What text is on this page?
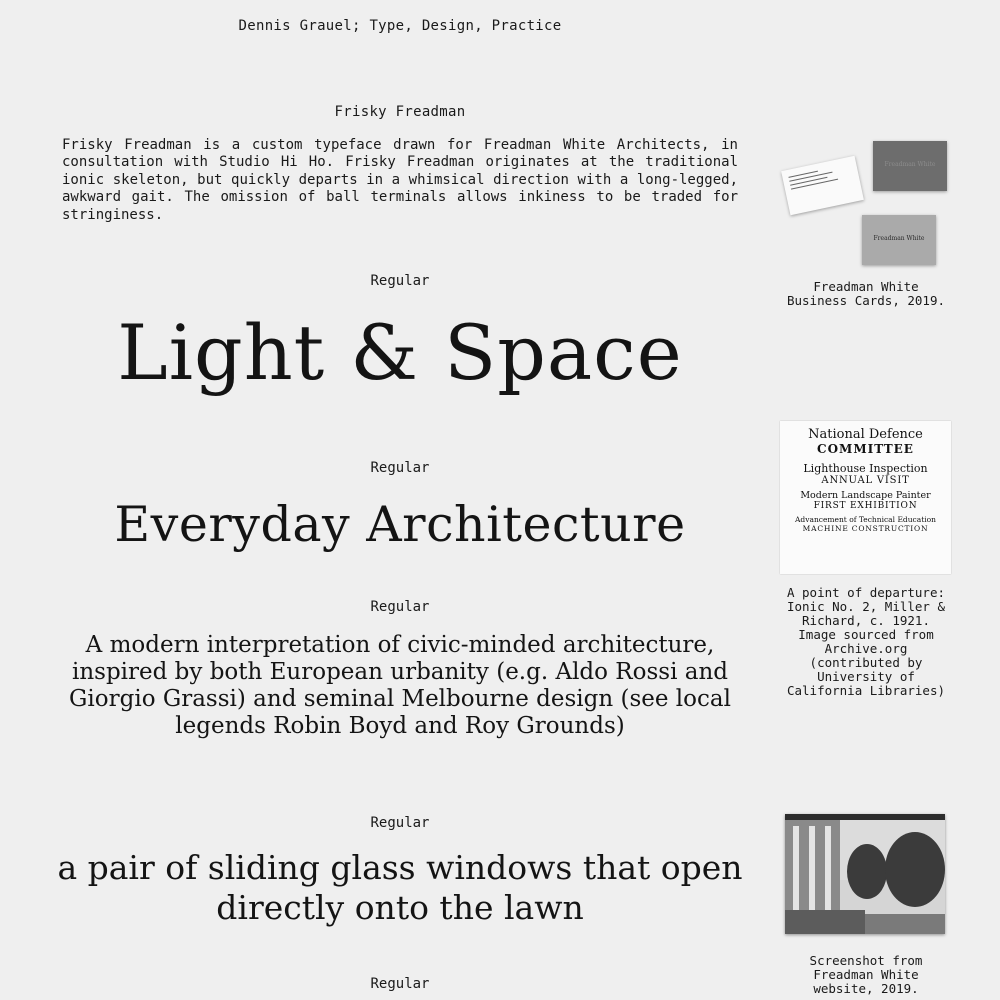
Dennis Grauel; Type, Design, Practice
Frisky Freadman

Frisky Freadman is a custom typeface drawn for Freadman White Architects, in consultation with Studio Hi Ho. Frisky Freadman originates at the traditional ionic skeleton, but quickly departs in a whimsical direction with a long-legged, awkward gait. The omission of ball terminals allows inkiness to be traded for stringiness.

Regular

Light & Space

Regular

Everyday Architecture

Regular

A modern interpretation of civic-minded architecture, inspired by both European urbanity (e.g. Aldo Rossi and Giorgio Grassi) and seminal Melbourne design (see local legends Robin Boyd and Roy Grounds)

Regular

a pair of sliding glass windows that open directly onto the lawn

Regular
Freadman White
Freadman White
Freadman White Business Cards, 2019.
National Defence
COMMITTEE
Lighthouse Inspection
ANNUAL VISIT
Modern Landscape Painter
FIRST EXHIBITION
Advancement of Technical Education
MACHINE CONSTRUCTION
A point of departure: Ionic No. 2, Miller & Richard, c. 1921. Image sourced from Archive.org (contributed by University of California Libraries)
Screenshot from Freadman White website, 2019.
